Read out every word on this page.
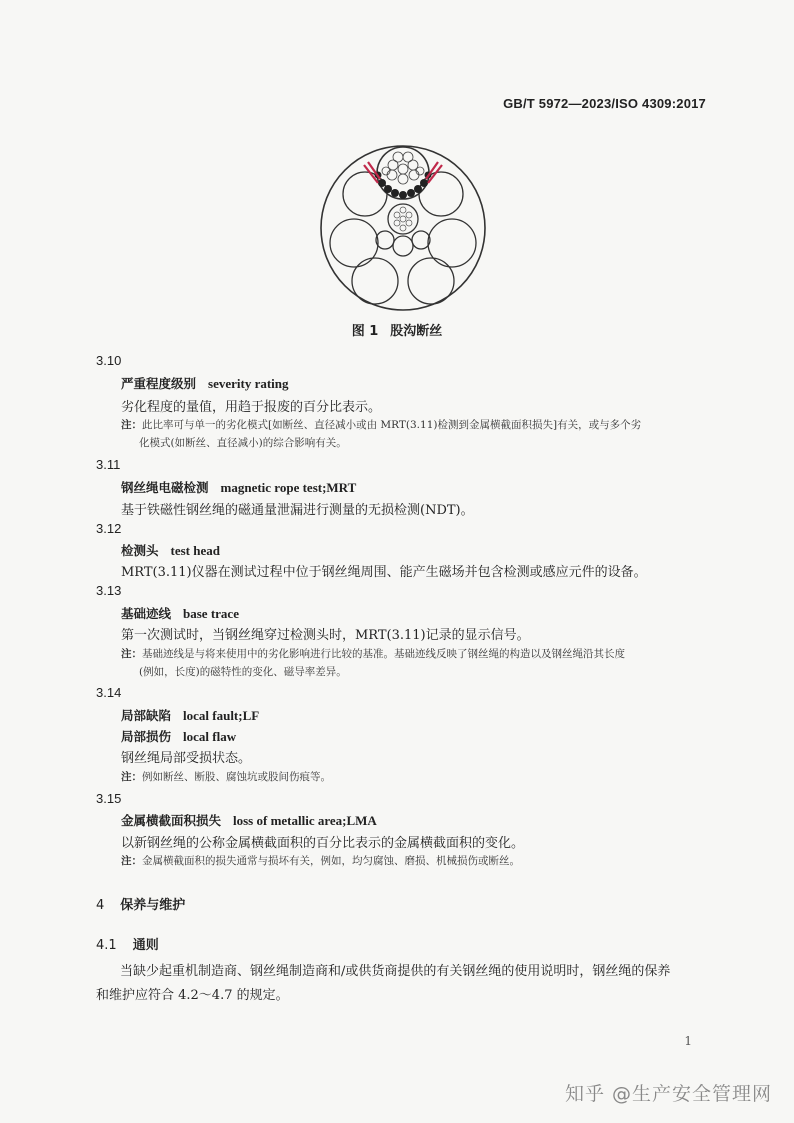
GB/T 5972—2023/ISO 4309:2017
图 1 股沟断丝
3.10
严重程度级别 severity rating
劣化程度的量值，用趋于报废的百分比表示。
注：此比率可与单一的劣化模式[如断丝、直径减小或由 MRT(3.11)检测到金属横截面积损失]有关，或与多个劣
化模式(如断丝、直径减小)的综合影响有关。
3.11
钢丝绳电磁检测 magnetic rope test;MRT
基于铁磁性钢丝绳的磁通量泄漏进行测量的无损检测(NDT)。
3.12
检测头 test head
MRT(3.11)仪器在测试过程中位于钢丝绳周围、能产生磁场并包含检测或感应元件的设备。
3.13
基础迹线 base trace
第一次测试时，当钢丝绳穿过检测头时，MRT(3.11)记录的显示信号。
注：基础迹线是与将来使用中的劣化影响进行比较的基准。基础迹线反映了钢丝绳的构造以及钢丝绳沿其长度
(例如，长度)的磁特性的变化、磁导率差异。
3.14
局部缺陷 local fault;LF
局部损伤 local flaw
钢丝绳局部受损状态。
注：例如断丝、断股、腐蚀坑或股间伤痕等。
3.15
金属横截面积损失 loss of metallic area;LMA
以新钢丝绳的公称金属横截面积的百分比表示的金属横截面积的变化。
注：金属横截面积的损失通常与损坏有关，例如，均匀腐蚀、磨损、机械损伤或断丝。
4 保养与维护
4.1 通则
当缺少起重机制造商、钢丝绳制造商和/或供货商提供的有关钢丝绳的使用说明时，钢丝绳的保养
和维护应符合 4.2～4.7 的规定。
1
知乎 @生产安全管理网
